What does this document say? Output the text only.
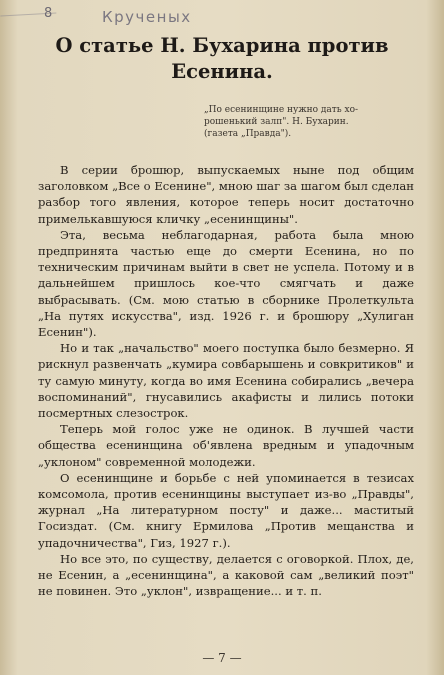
8	Крученых
О статье Н. Бухарина против Есенина.
„По есенинщине нужно дать хо-
рошенький залп". Н. Бухарин.
(газета „Правда").

В серии брошюр, выпускаемых ныне под общим заголовком „Все о Есенине", мною шаг за шагом был сделан разбор того явления, которое теперь носит достаточно примелькавшуюся кличку „есенинщины".

Эта, весьма неблагодарная, работа была мною предпринята частью еще до смерти Есенина, но по техническим причинам выйти в свет не успела. Потому и в дальнейшем пришлось кое-что смягчать и даже выбрасывать. (См. мою статью в сборнике Пролеткульта „На путях искусства", изд. 1926 г. и брошюру „Хулиган Есенин").

Но и так „начальство" моего поступка было безмерно. Я рискнул развенчать „кумира совбарышень и совкритиков" и ту самую минуту, когда во имя Есенина собирались „вечера воспоминаний", гнусавились акафисты и лились потоки посмертных слезострок.

Теперь мой голос уже не одинок. В лучшей части общества есенинщина об'явлена вредным и упадочным „уклоном" современной молодежи.

О есенинщине и борьбе с ней упоминается в тезисах комсомола, против есенинщины выступает из-во „Правды", журнал „На литературном посту" и даже... маститый Госиздат. (См. книгу Ермилова „Против мещанства и упадочничества", Гиз, 1927 г.).

Но все это, по существу, делается с оговоркой. Плох, де, не Есенин, а „есенинщина", а каковой сам „великий поэт" не повинен. Это „уклон", извращение... и т. п.

— 7 —
